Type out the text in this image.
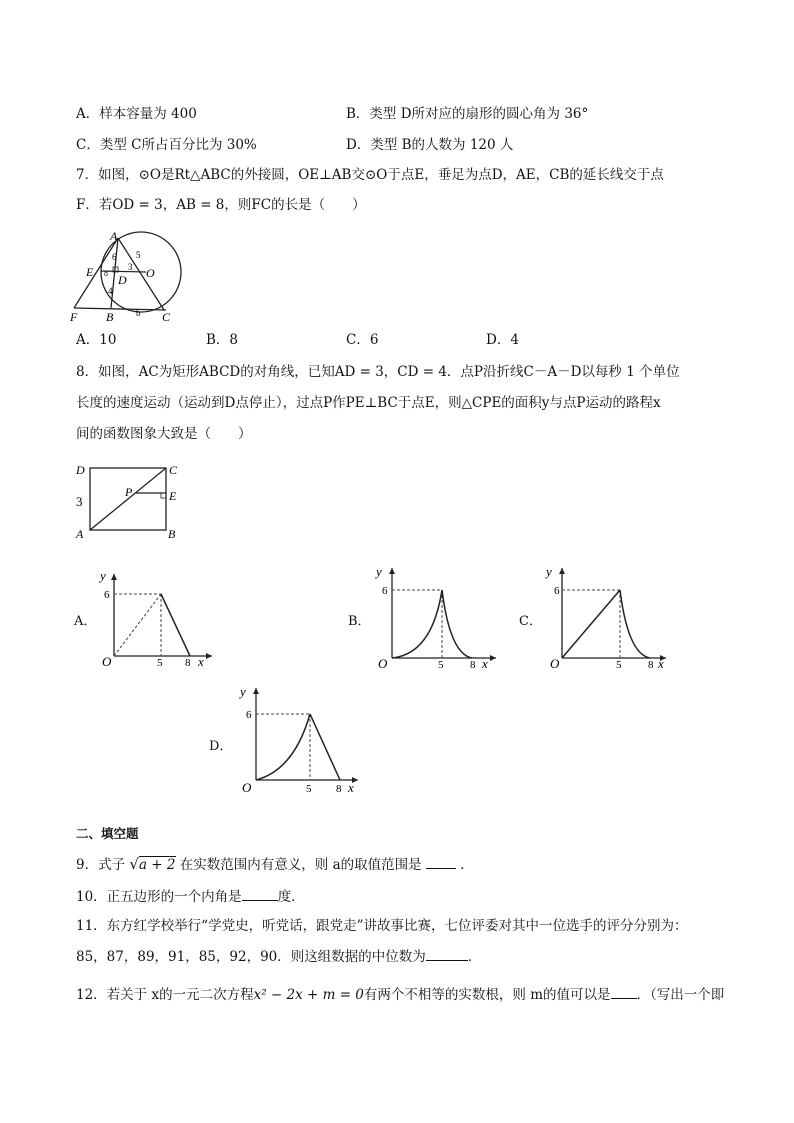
A．样本容量为 400	B．类型 D所对应的扇形的圆心角为 36°
C．类型 C所占百分比为 30%	D．类型 B的人数为 120 人
7．如图，⊙O是Rt△ABC的外接圆，OE⊥AB交⊙O于点E，垂足为点D，AE，CB的延长线交于点
F．若OD = 3，AB = 8，则FC的长是（　　）
A
E
D O
F B	C
6 5
3
8
4
b
A．10	B．8	C．6	D．4
8．如图，AC为矩形ABCD的对角线，已知AD = 3，CD = 4．点P沿折线C－A－D以每秒 1 个单位
长度的速度运动（运动到D点停止），过点P作PE⊥BC于点E，则△CPE的面积y与点P运动的路程x
间的函数图象大致是（　　）
D	C
P	E
A	B
3
A．	B．	C．
D．
y
6
O	5 8 x
y
6
O	5 8 x
y
6
O	5 8 x
y
6
O	5 8 x
二、填空题
9．式子 √a + 2 在实数范围内有意义，则 a的取值范围是	．
10．正五边形的一个内角是	度．
11．东方红学校举行“学党史，听党话，跟党走”讲故事比赛，七位评委对其中一位选手的评分分别为：
85，87，89，91，85，92，90．则这组数据的中位数为	．
12．若关于 x的一元二次方程x² − 2x + m = 0有两个不相等的实数根，则 m的值可以是 ．（写出一个即
